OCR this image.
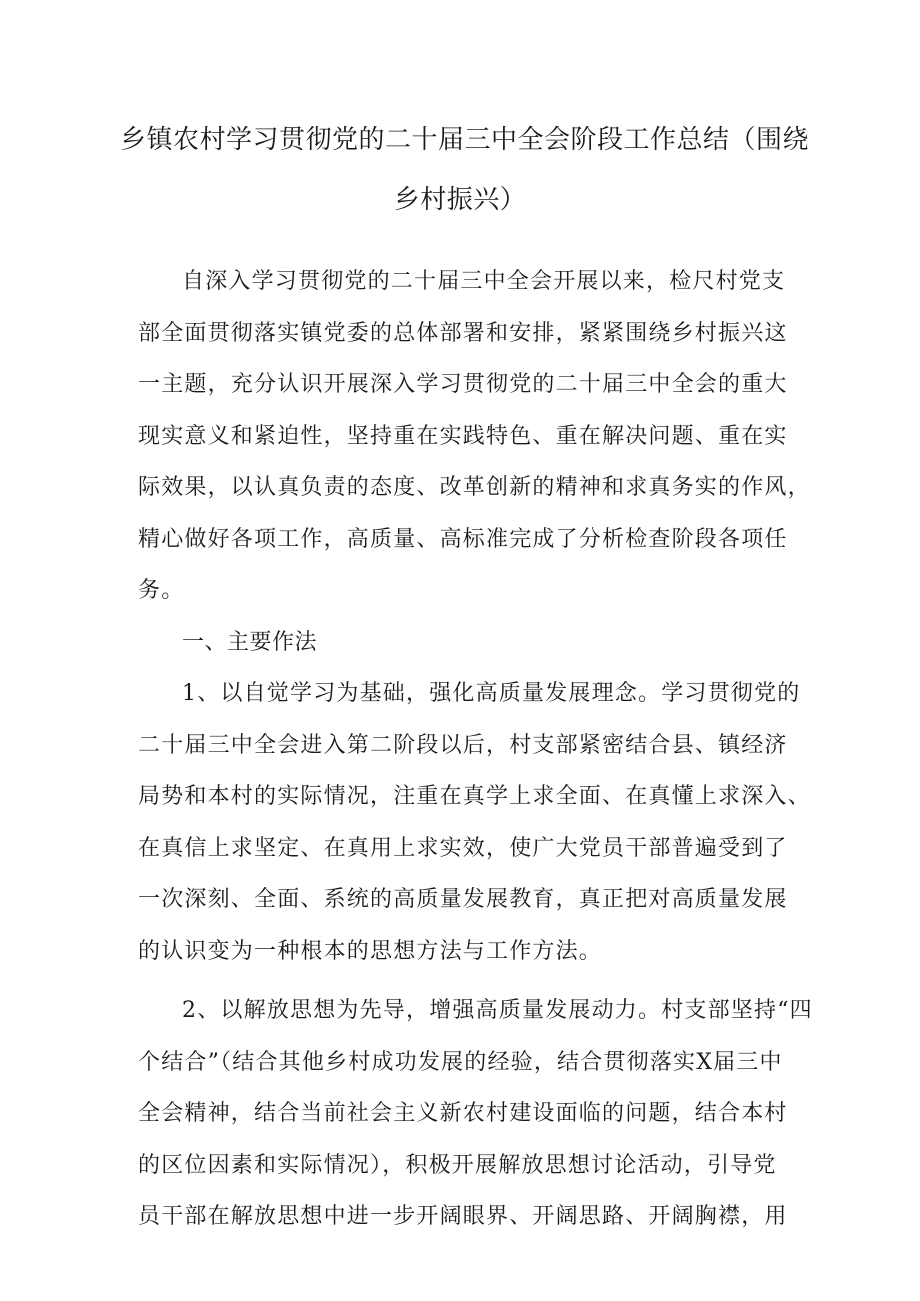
乡镇农村学习贯彻党的二十届三中全会阶段工作总结（围绕
乡村振兴）
自深入学习贯彻党的二十届三中全会开展以来，检尺村党支
部全面贯彻落实镇党委的总体部署和安排，紧紧围绕乡村振兴这
一主题，充分认识开展深入学习贯彻党的二十届三中全会的重大
现实意义和紧迫性，坚持重在实践特色、重在解决问题、重在实
际效果，以认真负责的态度、改革创新的精神和求真务实的作风，
精心做好各项工作，高质量、高标准完成了分析检查阶段各项任
务。
一、主要作法
1、以自觉学习为基础，强化高质量发展理念。学习贯彻党的
二十届三中全会进入第二阶段以后，村支部紧密结合县、镇经济
局势和本村的实际情况，注重在真学上求全面、在真懂上求深入、
在真信上求坚定、在真用上求实效，使广大党员干部普遍受到了
一次深刻、全面、系统的高质量发展教育，真正把对高质量发展
的认识变为一种根本的思想方法与工作方法。
2、以解放思想为先导，增强高质量发展动力。村支部坚持“四
个结合”（结合其他乡村成功发展的经验，结合贯彻落实X届三中
全会精神，结合当前社会主义新农村建设面临的问题，结合本村
的区位因素和实际情况），积极开展解放思想讨论活动，引导党
员干部在解放思想中进一步开阔眼界、开阔思路、开阔胸襟，用
